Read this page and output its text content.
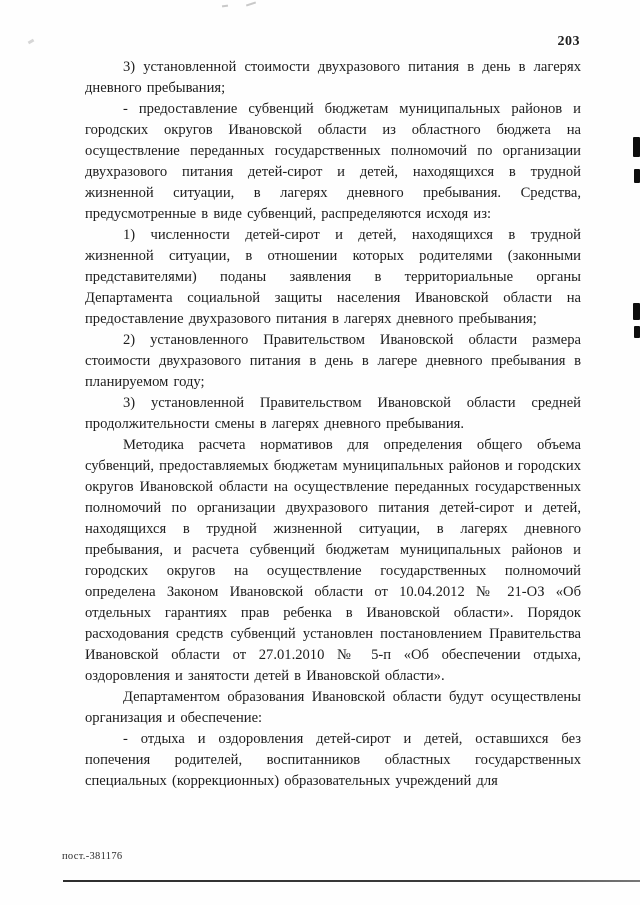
203

3) установленной стоимости двухразового питания в день в лагерях дневного пребывания;

- предоставление субвенций бюджетам муниципальных районов и городских округов Ивановской области из областного бюджета на осуществление переданных государственных полномочий по организации двухразового питания детей-сирот и детей, находящихся в трудной жизненной ситуации, в лагерях дневного пребывания. Средства, предусмотренные в виде субвенций, распределяются исходя из:

1) численности детей-сирот и детей, находящихся в трудной жизненной ситуации, в отношении которых родителями (законными представителями) поданы заявления в территориальные органы Департамента социальной защиты населения Ивановской области на предоставление двухразового питания в лагерях дневного пребывания;

2) установленного Правительством Ивановской области размера стоимости двухразового питания в день в лагере дневного пребывания в планируемом году;

3) установленной Правительством Ивановской области средней продолжительности смены в лагерях дневного пребывания.

Методика расчета нормативов для определения общего объема субвенций, предоставляемых бюджетам муниципальных районов и городских округов Ивановской области на осуществление переданных государственных полномочий по организации двухразового питания детей-сирот и детей, находящихся в трудной жизненной ситуации, в лагерях дневного пребывания, и расчета субвенций бюджетам муниципальных районов и городских округов на осуществление государственных полномочий определена Законом Ивановской области от 10.04.2012 № 21-ОЗ «Об отдельных гарантиях прав ребенка в Ивановской области». Порядок расходования средств субвенций установлен постановлением Правительства Ивановской области от 27.01.2010 № 5-п «Об обеспечении отдыха, оздоровления и занятости детей в Ивановской области».

Департаментом образования Ивановской области будут осуществлены организация и обеспечение:

- отдыха и оздоровления детей-сирот и детей, оставшихся без попечения родителей, воспитанников областных государственных специальных (коррекционных) образовательных учреждений для

пост.-381176
